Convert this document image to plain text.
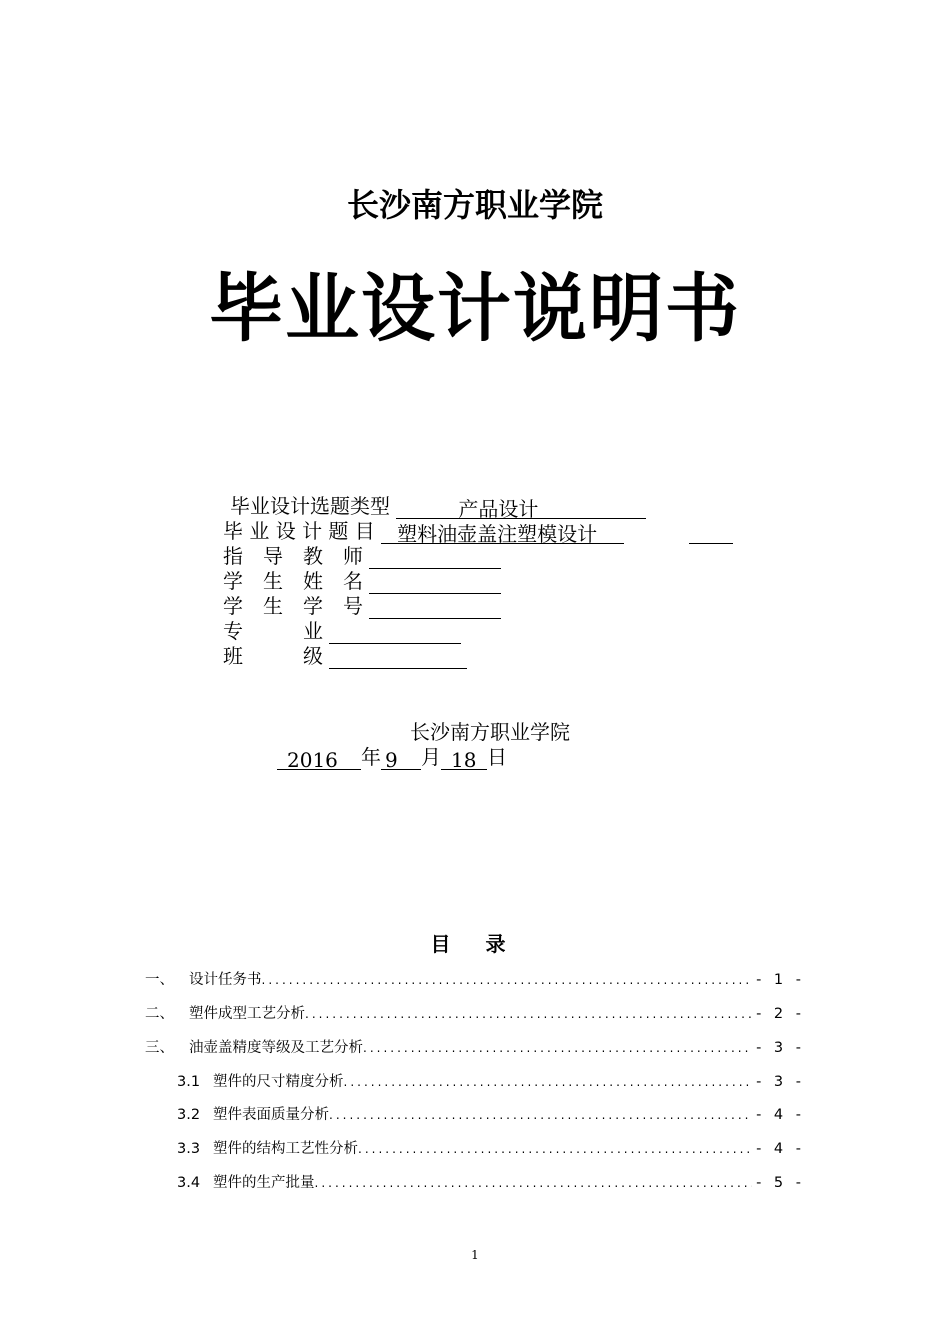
长沙南方职业学院
毕业设计说明书
毕业设计选题类型	产品设计
毕 业 设 计 题 目 塑料油壶盖注塑模设计
指　导　教　师
学　生　姓　名
学　生　学　号
专　　　业
班　　　级
长沙南方职业学院
2016 年 9 月 18 日
目 录
一、	设计任务书 .....	- 1 -
二、	塑件成型工艺分析 .....	- 2 -
三、	油壶盖精度等级及工艺分析 .....	- 3 -
3.1 塑件的尺寸精度分析 .....	- 3 -
3.2 塑件表面质量分析 .....	- 4 -
3.3 塑件的结构工艺性分析 .....	- 4 -
3.4 塑件的生产批量 .....	- 5 -
1
